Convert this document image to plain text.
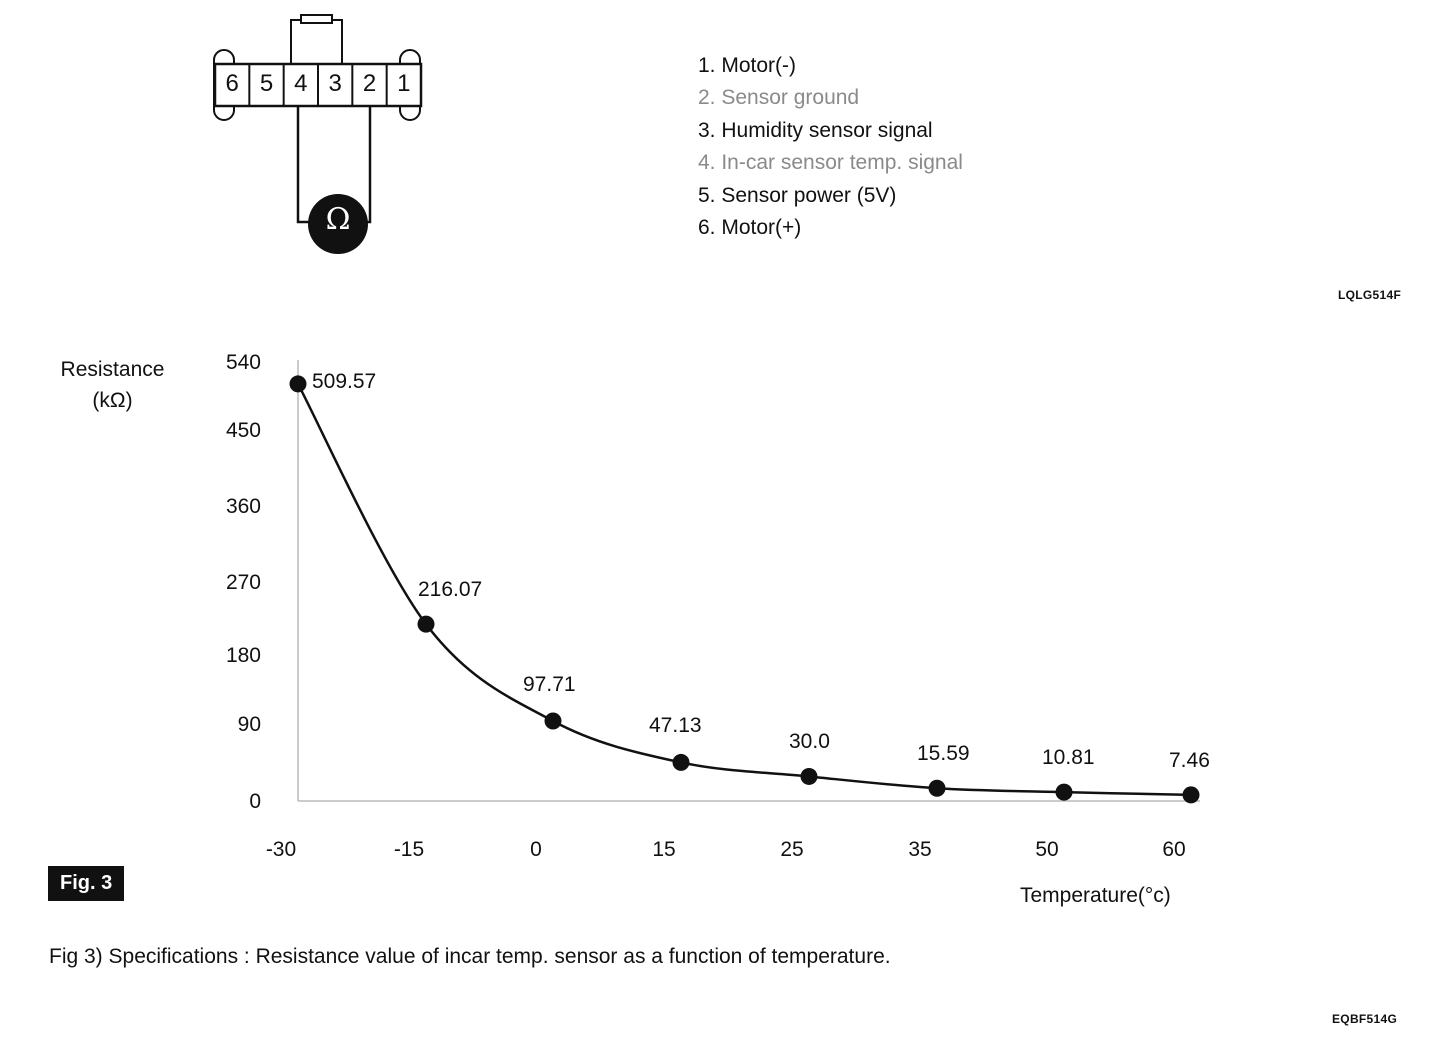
6 5 4 3 2 1
Ω
1. Motor(-)
2. Sensor ground
3. Humidity sensor signal
4. In-car sensor temp. signal
5. Sensor power (5V)
6. Motor(+)
LQLG514F
Resistance
(kΩ)
540
450
360
270
180
90
0
-30	-15	0	15	25	35	50	60
509.57
216.07
97.71
47.13
30.0
15.59	10.81	7.46
Temperature(°c)
Fig. 3
Fig 3) Specifications : Resistance value of incar temp. sensor as a function of temperature.
EQBF514G
